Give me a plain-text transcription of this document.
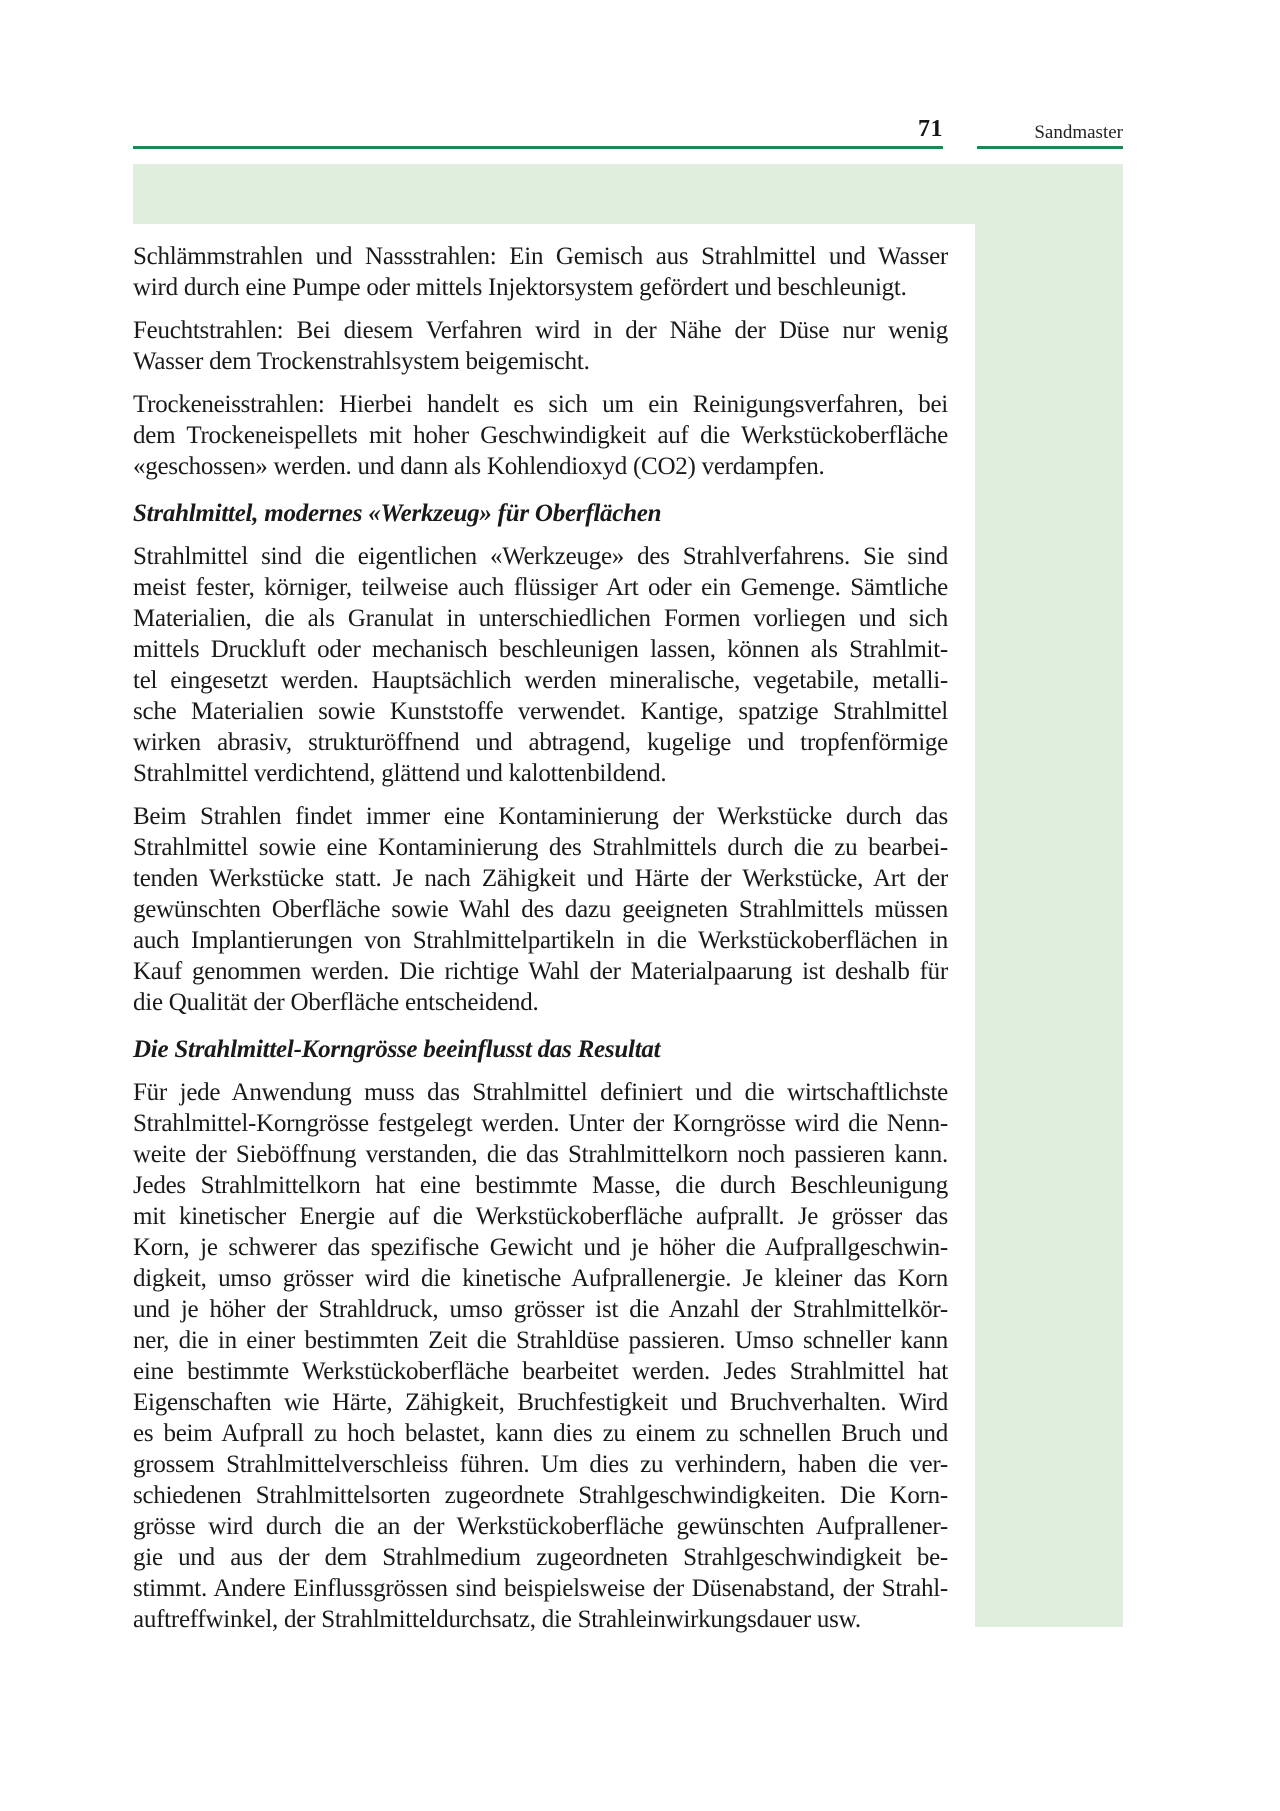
71	Sandmaster
Schlämmstrahlen und Nassstrahlen: Ein Gemisch aus Strahlmittel und Wasser
wird durch eine Pumpe oder mittels Injektorsystem gefördert und beschleunigt.
Feuchtstrahlen: Bei diesem Verfahren wird in der Nähe der Düse nur wenig
Wasser dem Trockenstrahlsystem beigemischt.
Trockeneisstrahlen: Hierbei handelt es sich um ein Reinigungsverfahren, bei
dem Trockeneispellets mit hoher Geschwindigkeit auf die Werkstückoberfläche
«geschossen» werden. und dann als Kohlendioxyd (CO2) verdampfen.
Strahlmittel, modernes «Werkzeug» für Oberflächen
Strahlmittel sind die eigentlichen «Werkzeuge» des Strahlverfahrens. Sie sind
meist fester, körniger, teilweise auch flüssiger Art oder ein Gemenge. Sämtliche
Materialien, die als Granulat in unterschiedlichen Formen vorliegen und sich
mittels Druckluft oder mechanisch beschleunigen lassen, können als Strahlmit-
tel eingesetzt werden. Hauptsächlich werden mineralische, vegetabile, metalli-
sche Materialien sowie Kunststoffe verwendet. Kantige, spatzige Strahlmittel
wirken abrasiv, strukturöffnend und abtragend, kugelige und tropfenförmige
Strahlmittel verdichtend, glättend und kalottenbildend.
Beim Strahlen findet immer eine Kontaminierung der Werkstücke durch das
Strahlmittel sowie eine Kontaminierung des Strahlmittels durch die zu bearbei-
tenden Werkstücke statt. Je nach Zähigkeit und Härte der Werkstücke, Art der
gewünschten Oberfläche sowie Wahl des dazu geeigneten Strahlmittels müssen
auch Implantierungen von Strahlmittelpartikeln in die Werkstückoberflächen in
Kauf genommen werden. Die richtige Wahl der Materialpaarung ist deshalb für
die Qualität der Oberfläche entscheidend.
Die Strahlmittel-Korngrösse beeinflusst das Resultat
Für jede Anwendung muss das Strahlmittel definiert und die wirtschaftlichste
Strahlmittel-Korngrösse festgelegt werden. Unter der Korngrösse wird die Nenn-
weite der Sieböffnung verstanden, die das Strahlmittelkorn noch passieren kann.
Jedes Strahlmittelkorn hat eine bestimmte Masse, die durch Beschleunigung
mit kinetischer Energie auf die Werkstückoberfläche aufprallt. Je grösser das
Korn, je schwerer das spezifische Gewicht und je höher die Aufprallgeschwin-
digkeit, umso grösser wird die kinetische Aufprallenergie. Je kleiner das Korn
und je höher der Strahldruck, umso grösser ist die Anzahl der Strahlmittelkör-
ner, die in einer bestimmten Zeit die Strahldüse passieren. Umso schneller kann
eine bestimmte Werkstückoberfläche bearbeitet werden. Jedes Strahlmittel hat
Eigenschaften wie Härte, Zähigkeit, Bruchfestigkeit und Bruchverhalten. Wird
es beim Aufprall zu hoch belastet, kann dies zu einem zu schnellen Bruch und
grossem Strahlmittelverschleiss führen. Um dies zu verhindern, haben die ver-
schiedenen Strahlmittelsorten zugeordnete Strahlgeschwindigkeiten. Die Korn-
grösse wird durch die an der Werkstückoberfläche gewünschten Aufprallener-
gie und aus der dem Strahlmedium zugeordneten Strahlgeschwindigkeit be-
stimmt. Andere Einflussgrössen sind beispielsweise der Düsenabstand, der Strahl-
auftreffwinkel, der Strahlmitteldurchsatz, die Strahleinwirkungsdauer usw.
